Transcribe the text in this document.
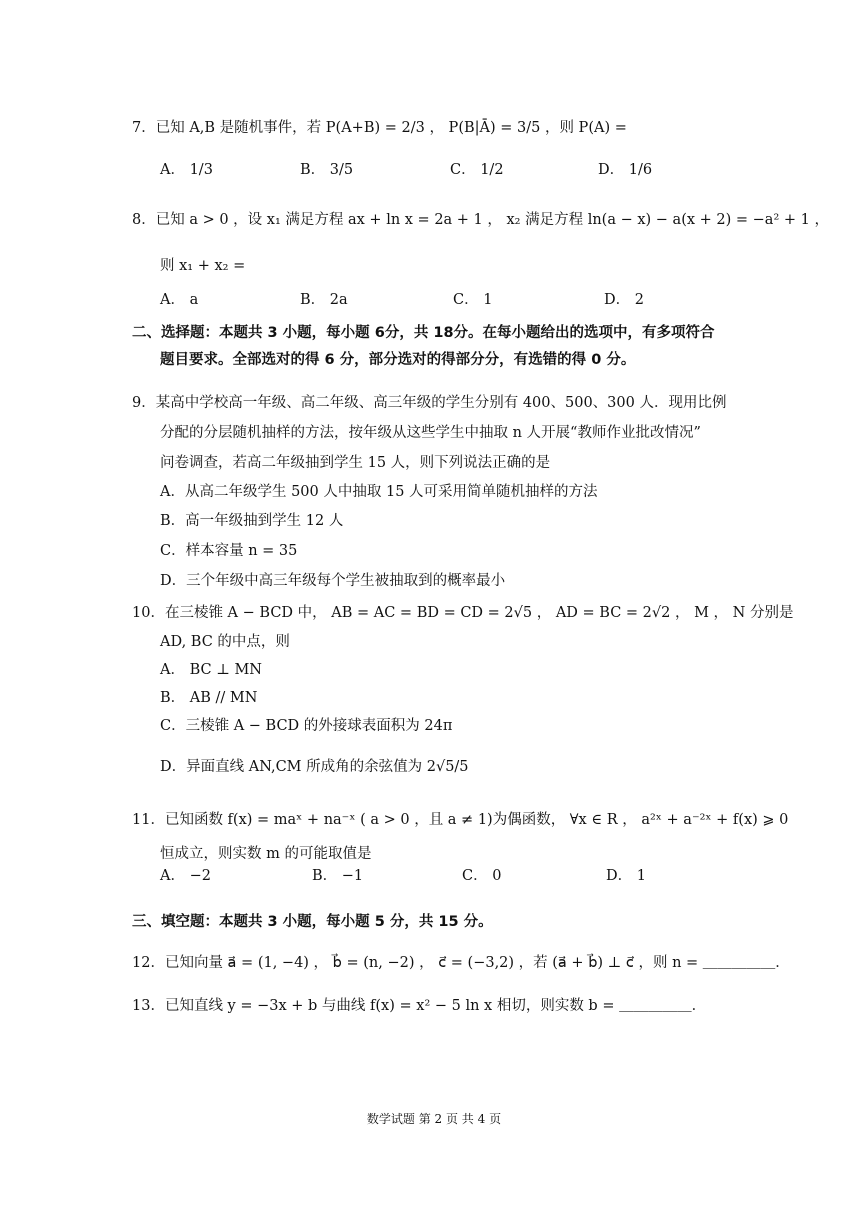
7．已知 A,B 是随机事件，若 P(A+B) = 2/3 ， P(B|Ā) = 3/5 ，则 P(A) =
A． 1/3	B． 3/5	C． 1/2	D． 1/6
8．已知 a > 0 ，设 x₁ 满足方程 ax + ln x = 2a + 1 ， x₂ 满足方程 ln(a − x) − a(x + 2) = −a² + 1 ，
则 x₁ + x₂ =
A． a	B． 2a	C． 1	D． 2
二、选择题：本题共 3 小题，每小题 6分，共 18分。在每小题给出的选项中，有多项符合
题目要求。全部选对的得 6 分，部分选对的得部分分，有选错的得 0 分。
9．某高中学校高一年级、高二年级、高三年级的学生分别有 400、500、300 人．现用比例
分配的分层随机抽样的方法，按年级从这些学生中抽取 n 人开展“教师作业批改情况”
问卷调查，若高二年级抽到学生 15 人，则下列说法正确的是
A．从高二年级学生 500 人中抽取 15 人可采用简单随机抽样的方法
B．高一年级抽到学生 12 人
C．样本容量 n = 35
D．三个年级中高三年级每个学生被抽取到的概率最小
10．在三棱锥 A − BCD 中， AB = AC = BD = CD = 2√5 ， AD = BC = 2√2 ， M ， N 分别是
AD, BC 的中点，则
A． BC ⊥ MN
B． AB // MN
C．三棱锥 A − BCD 的外接球表面积为 24π
D．异面直线 AN,CM 所成角的余弦值为 2√5/5
11．已知函数 f(x) = maˣ + na⁻ˣ ( a > 0 ，且 a ≠ 1)为偶函数， ∀x ∈ R ， a²ˣ + a⁻²ˣ + f(x) ⩾ 0
恒成立，则实数 m 的可能取值是
A． −2	B． −1	C． 0	D． 1
三、填空题：本题共 3 小题，每小题 5 分，共 15 分。
12．已知向量 a⃗ = (1, −4) ， b⃗ = (n, −2) ， c⃗ = (−3,2) ，若 (a⃗ + b⃗) ⊥ c⃗ ，则 n = ＿＿＿＿＿．
13．已知直线 y = −3x + b 与曲线 f(x) = x² − 5 ln x 相切，则实数 b = ＿＿＿＿＿．
数学试题 第 2 页 共 4 页
